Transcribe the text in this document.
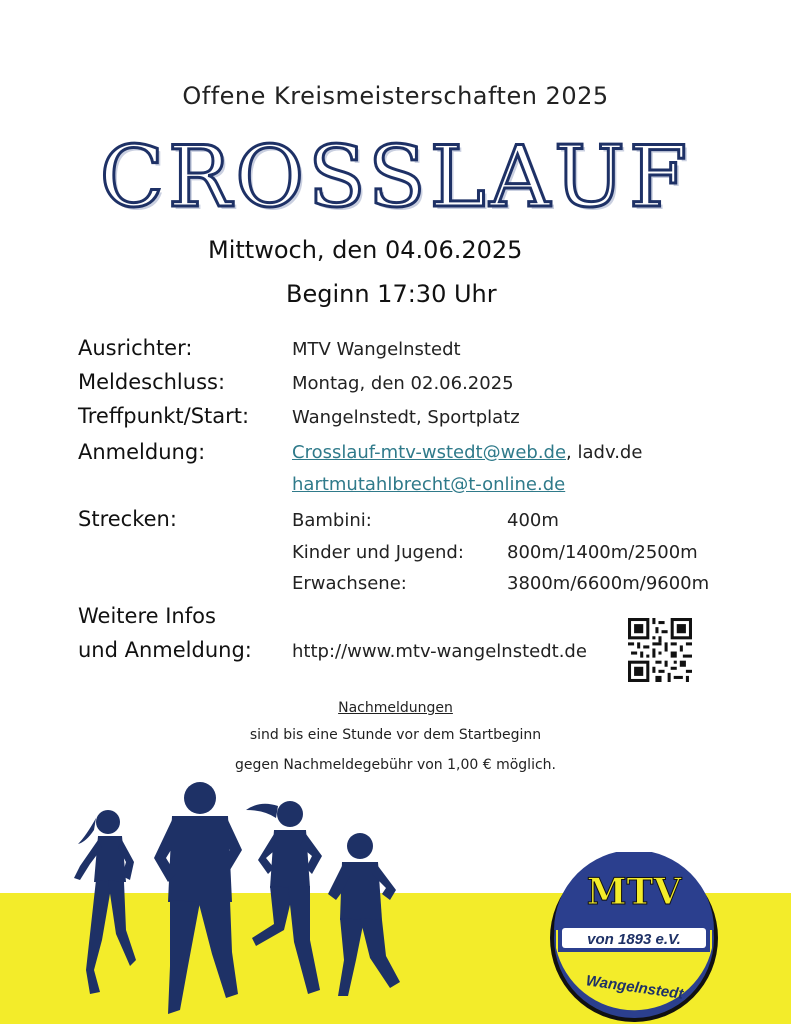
Offene Kreismeisterschaften 2025
CROSSLAUF
Mittwoch, den 04.06.2025
Beginn 17:30 Uhr
Ausrichter:	MTV Wangelnstedt
Meldeschluss:	Montag, den 02.06.2025
Treffpunkt/Start: Wangelnstedt, Sportplatz
Anmeldung:	Crosslauf-mtv-wstedt@web.de, ladv.de
hartmutahlbrecht@t-online.de
Strecken:	Bambini:	400m
Kinder und Jugend: 800m/1400m/2500m
Erwachsene:	3800m/6600m/9600m
Weitere Infos
und Anmeldung: http://www.mtv-wangelnstedt.de
Nachmeldungen
sind bis eine Stunde vor dem Startbeginn
gegen Nachmeldegebühr von 1,00 € möglich.
MTV
von 1893 e.V.
Wangelnstedt
